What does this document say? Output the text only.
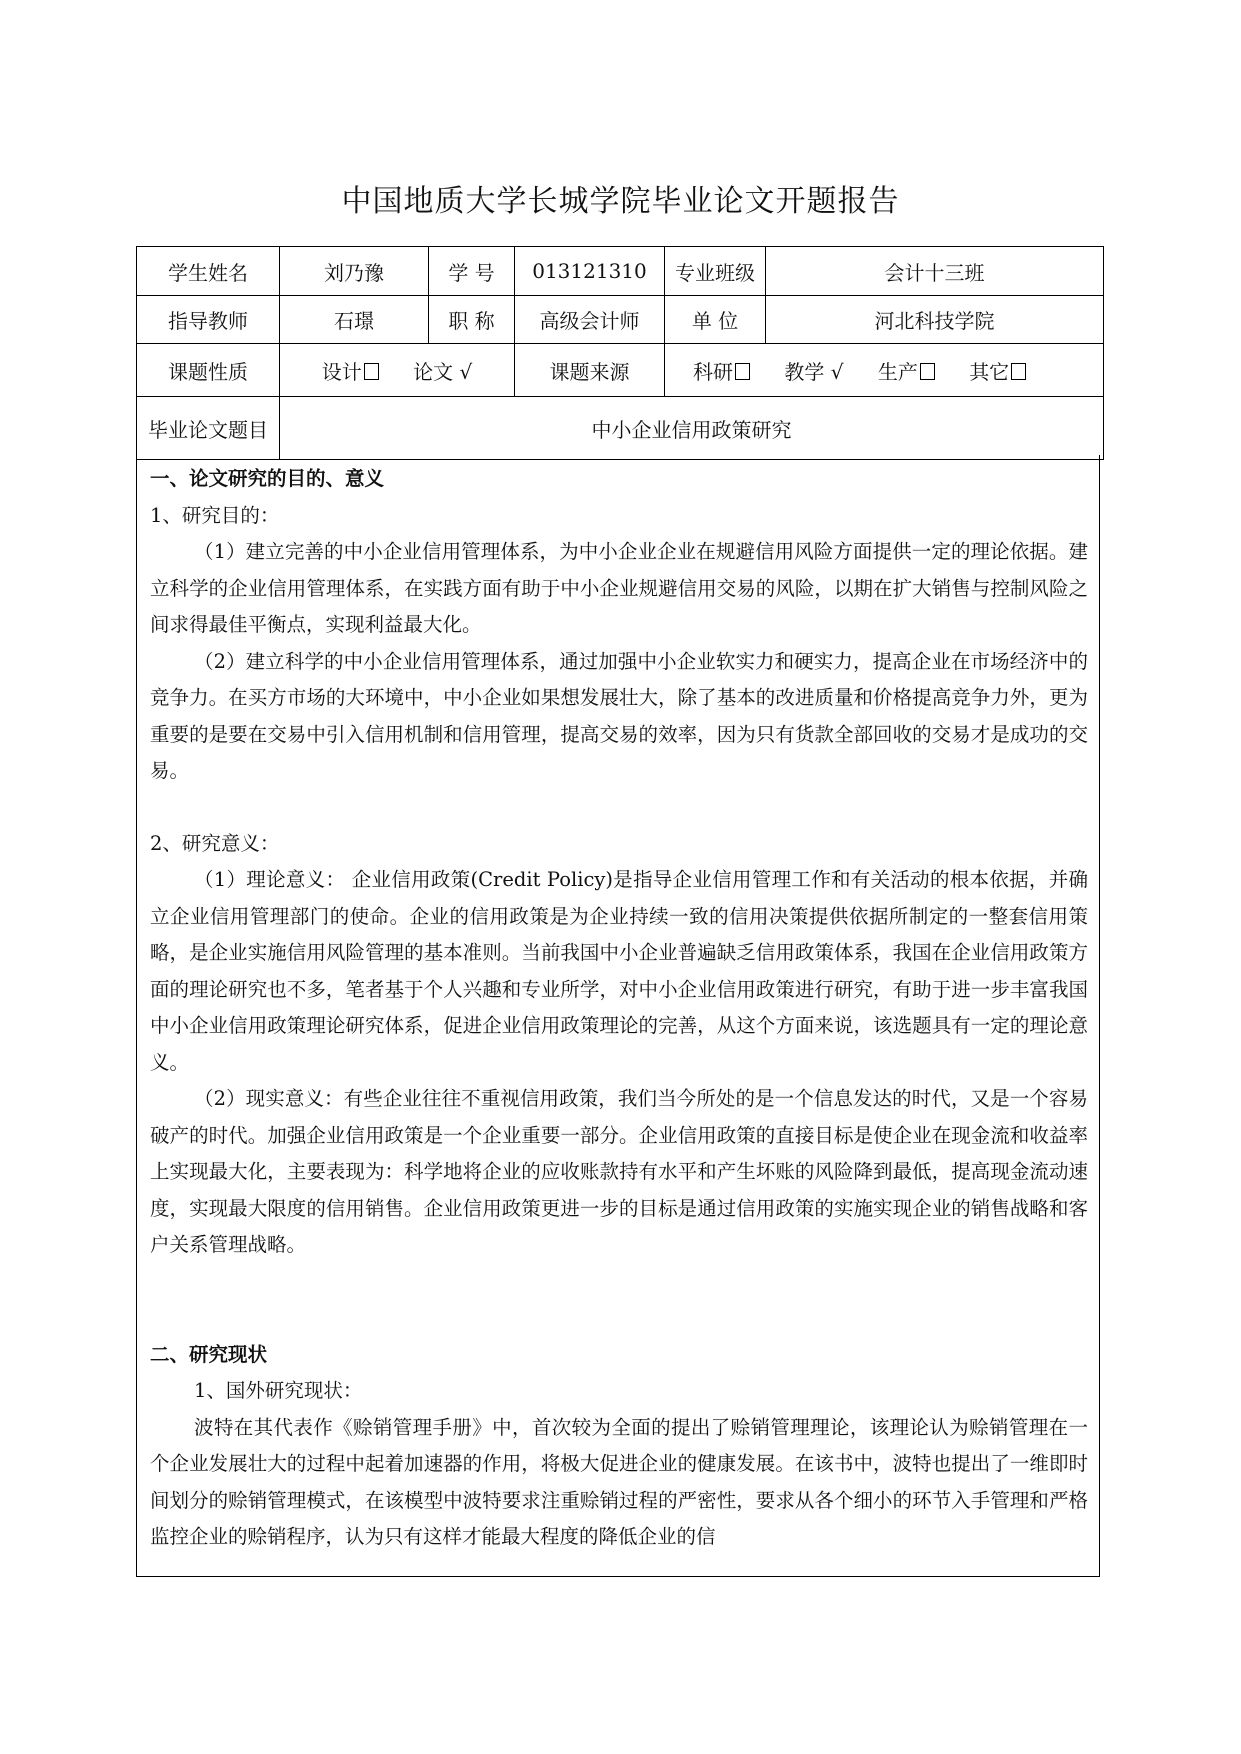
中国地质大学长城学院毕业论文开题报告
学生姓名	刘乃豫	学 号	013121310	专业班级	会计十三班
指导教师	石璟	职 称	高级会计师	单 位	河北科技学院
课题性质	设计 论文 √		课题来源	科研 教学 √ 生产 其它	
毕业论文题目	中小企业信用政策研究				

一、论文研究的目的、意义

1、研究目的：

（1）建立完善的中小企业信用管理体系，为中小企业企业在规避信用风险方面提供一定的理论依据。建立科学的企业信用管理体系，在实践方面有助于中小企业规避信用交易的风险，以期在扩大销售与控制风险之间求得最佳平衡点，实现利益最大化。

（2）建立科学的中小企业信用管理体系，通过加强中小企业软实力和硬实力，提高企业在市场经济中的竞争力。在买方市场的大环境中，中小企业如果想发展壮大，除了基本的改进质量和价格提高竞争力外，更为重要的是要在交易中引入信用机制和信用管理，提高交易的效率，因为只有货款全部回收的交易才是成功的交易。

2、研究意义：

（1）理论意义： 企业信用政策(Credit Policy)是指导企业信用管理工作和有关活动的根本依据，并确立企业信用管理部门的使命。企业的信用政策是为企业持续一致的信用决策提供依据所制定的一整套信用策略，是企业实施信用风险管理的基本准则。当前我国中小企业普遍缺乏信用政策体系，我国在企业信用政策方面的理论研究也不多，笔者基于个人兴趣和专业所学，对中小企业信用政策进行研究，有助于进一步丰富我国中小企业信用政策理论研究体系，促进企业信用政策理论的完善，从这个方面来说，该选题具有一定的理论意义。

（2）现实意义：有些企业往往不重视信用政策，我们当今所处的是一个信息发达的时代，又是一个容易破产的时代。加强企业信用政策是一个企业重要一部分。企业信用政策的直接目标是使企业在现金流和收益率上实现最大化，主要表现为：科学地将企业的应收账款持有水平和产生坏账的风险降到最低，提高现金流动速度，实现最大限度的信用销售。企业信用政策更进一步的目标是通过信用政策的实施实现企业的销售战略和客户关系管理战略。

二、研究现状

1、国外研究现状：

波特在其代表作《赊销管理手册》中，首次较为全面的提出了赊销管理理论，该理论认为赊销管理在一个企业发展壮大的过程中起着加速器的作用，将极大促进企业的健康发展。在该书中，波特也提出了一维即时间划分的赊销管理模式，在该模型中波特要求注重赊销过程的严密性，要求从各个细小的环节入手管理和严格监控企业的赊销程序，认为只有这样才能最大程度的降低企业的信
